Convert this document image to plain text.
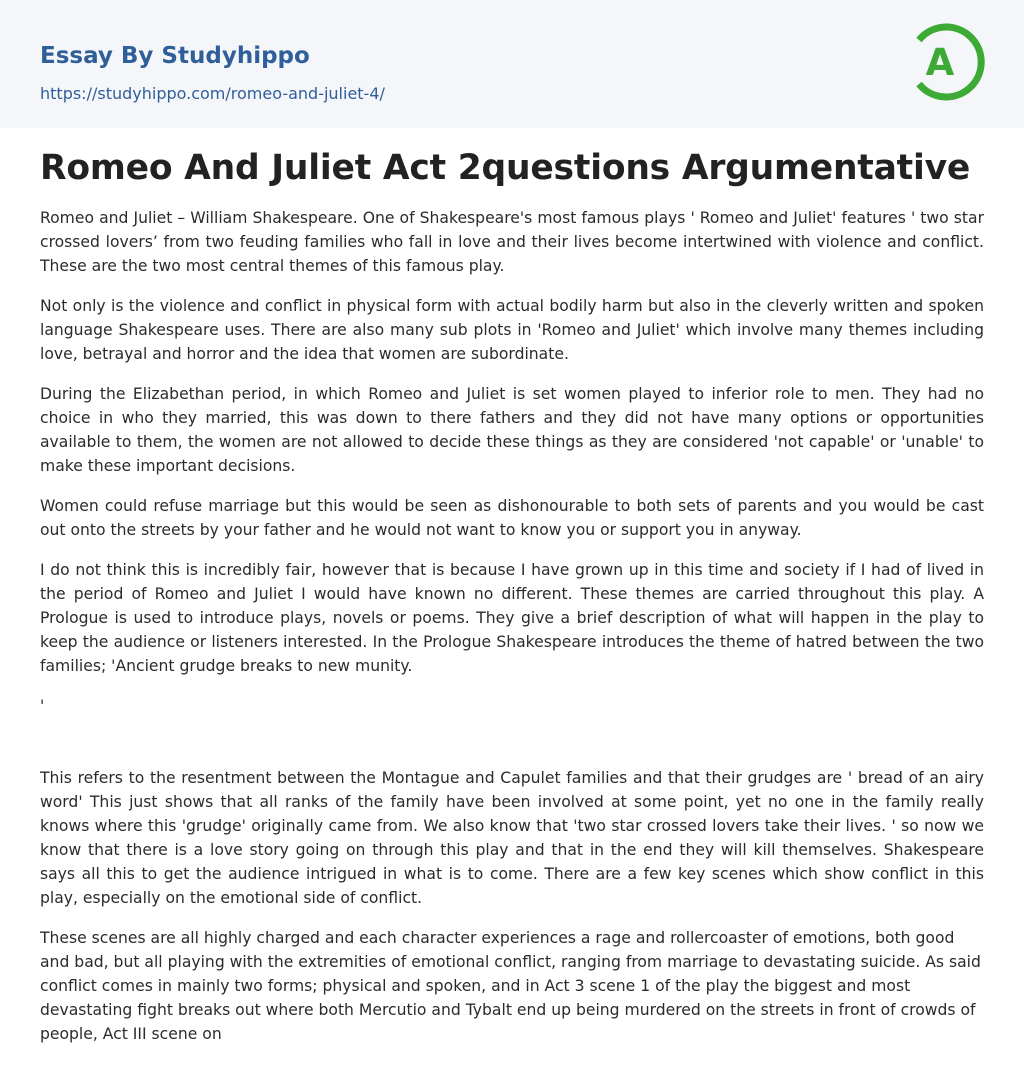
Essay By Studyhippo
https://studyhippo.com/romeo-and-juliet-4/
A
Romeo And Juliet Act 2questions Argumentative

Romeo and Juliet – William Shakespeare. One of Shakespeare's most famous plays ' Romeo and Juliet' features ' two star crossed lovers’ from two feuding families who fall in love and their lives become intertwined with violence and conflict. These are the two most central themes of this famous play.

Not only is the violence and conflict in physical form with actual bodily harm but also in the cleverly written and spoken language Shakespeare uses. There are also many sub plots in 'Romeo and Juliet' which involve many themes including love, betrayal and horror and the idea that women are subordinate.

During the Elizabethan period, in which Romeo and Juliet is set women played to inferior role to men. They had no choice in who they married, this was down to there fathers and they did not have many options or opportunities available to them, the women are not allowed to decide these things as they are considered 'not capable' or 'unable' to make these important decisions.

Women could refuse marriage but this would be seen as dishonourable to both sets of parents and you would be cast out onto the streets by your father and he would not want to know you or support you in anyway.

I do not think this is incredibly fair, however that is because I have grown up in this time and society if I had of lived in the period of Romeo and Juliet I would have known no different. These themes are carried throughout this play. A Prologue is used to introduce plays, novels or poems. They give a brief description of what will happen in the play to keep the audience or listeners interested. In the Prologue Shakespeare introduces the theme of hatred between the two families; 'Ancient grudge breaks to new munity.

'

This refers to the resentment between the Montague and Capulet families and that their grudges are ' bread of an airy word' This just shows that all ranks of the family have been involved at some point, yet no one in the family really knows where this 'grudge' originally came from. We also know that 'two star crossed lovers take their lives. ' so now we know that there is a love story going on through this play and that in the end they will kill themselves. Shakespeare says all this to get the audience intrigued in what is to come. There are a few key scenes which show conflict in this play, especially on the emotional side of conflict.

These scenes are all highly charged and each character experiences a rage and rollercoaster of emotions, both good and bad, but all playing with the extremities of emotional conflict, ranging from marriage to devastating suicide. As said conflict comes in mainly two forms; physical and spoken, and in Act 3 scene 1 of the play the biggest and most devastating fight breaks out where both Mercutio and Tybalt end up being murdered on the streets in front of crowds of people, Act III scene on
